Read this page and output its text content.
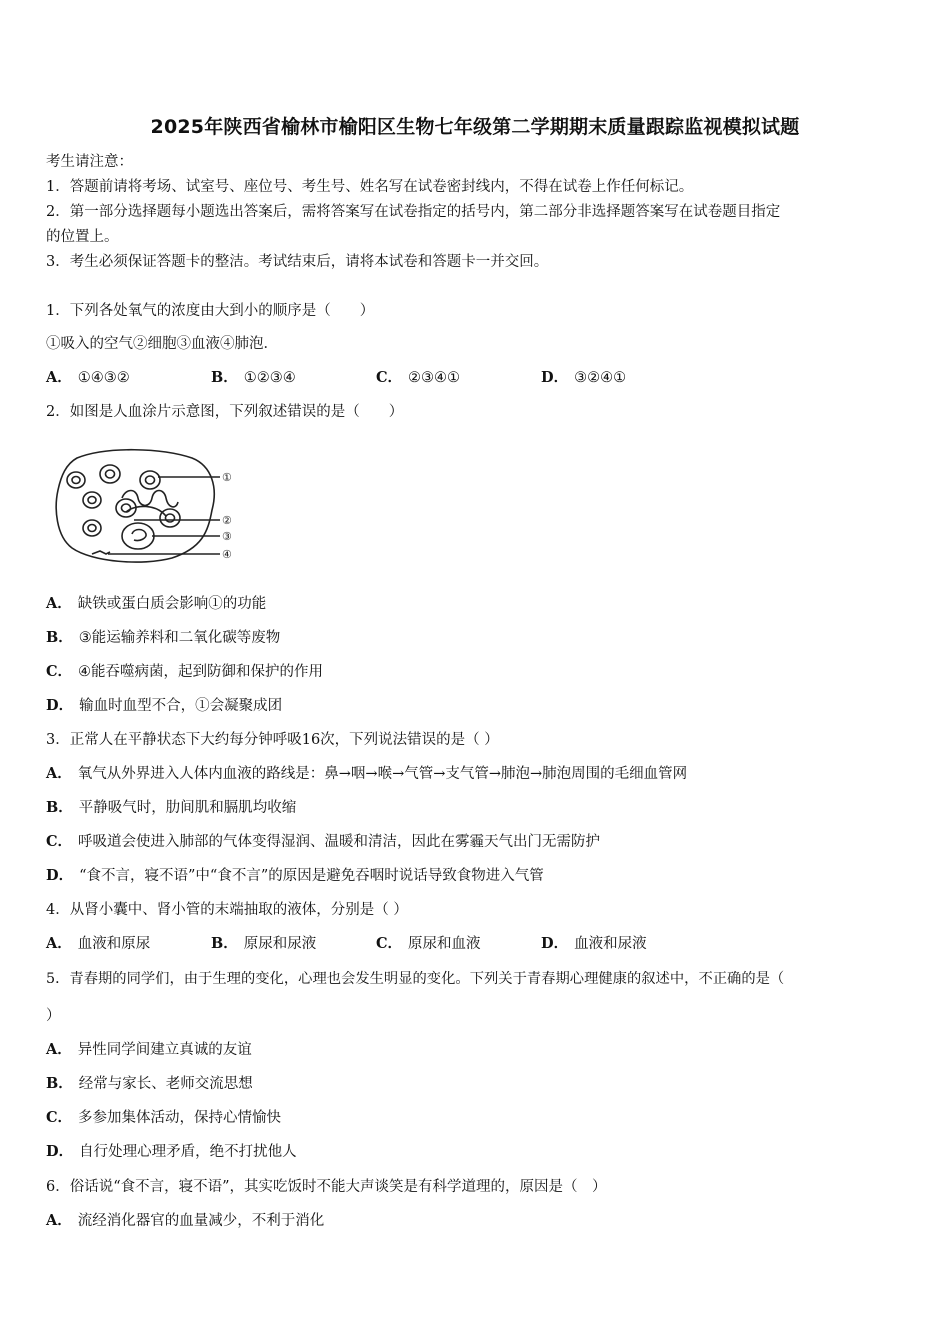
2025年陕西省榆林市榆阳区生物七年级第二学期期末质量跟踪监视模拟试题
考生请注意：
1．答题前请将考场、试室号、座位号、考生号、姓名写在试卷密封线内，不得在试卷上作任何标记。
2．第一部分选择题每小题选出答案后，需将答案写在试卷指定的括号内，第二部分非选择题答案写在试卷题目指定
的位置上。
3．考生必须保证答题卡的整洁。考试结束后，请将本试卷和答题卡一并交回。
1．下列各处氧气的浓度由大到小的顺序是（　　）
①吸入的空气②细胞③血液④肺泡．
A． ①④③②	B． ①②③④	C． ②③④①	D． ③②④①
2．如图是人血涂片示意图，下列叙述错误的是（　　）
①
②
③
④
A． 缺铁或蛋白质会影响①的功能
B． ③能运输养料和二氧化碳等废物
C． ④能吞噬病菌，起到防御和保护的作用
D． 输血时血型不合，①会凝聚成团
3．正常人在平静状态下大约每分钟呼吸16次，下列说法错误的是（ ）
A． 氧气从外界进入人体内血液的路线是：鼻→咽→喉→气管→支气管→肺泡→肺泡周围的毛细血管网
B． 平静吸气时，肋间肌和膈肌均收缩
C． 呼吸道会使进入肺部的气体变得湿润、温暖和清洁，因此在雾霾天气出门无需防护
D． “食不言，寝不语”中“食不言”的原因是避免吞咽时说话导致食物进入气管
4．从肾小囊中、肾小管的末端抽取的液体，分别是（ ）
A． 血液和原尿	B． 原尿和尿液	C． 原尿和血液	D． 血液和尿液
5．青春期的同学们，由于生理的变化，心理也会发生明显的变化。下列关于青春期心理健康的叙述中，不正确的是（
）
A． 异性同学间建立真诚的友谊
B． 经常与家长、老师交流思想
C． 多参加集体活动，保持心情愉快
D． 自行处理心理矛盾，绝不打扰他人
6．俗话说“食不言，寝不语”，其实吃饭时不能大声谈笑是有科学道理的，原因是（　）
A． 流经消化器官的血量减少，不利于消化
